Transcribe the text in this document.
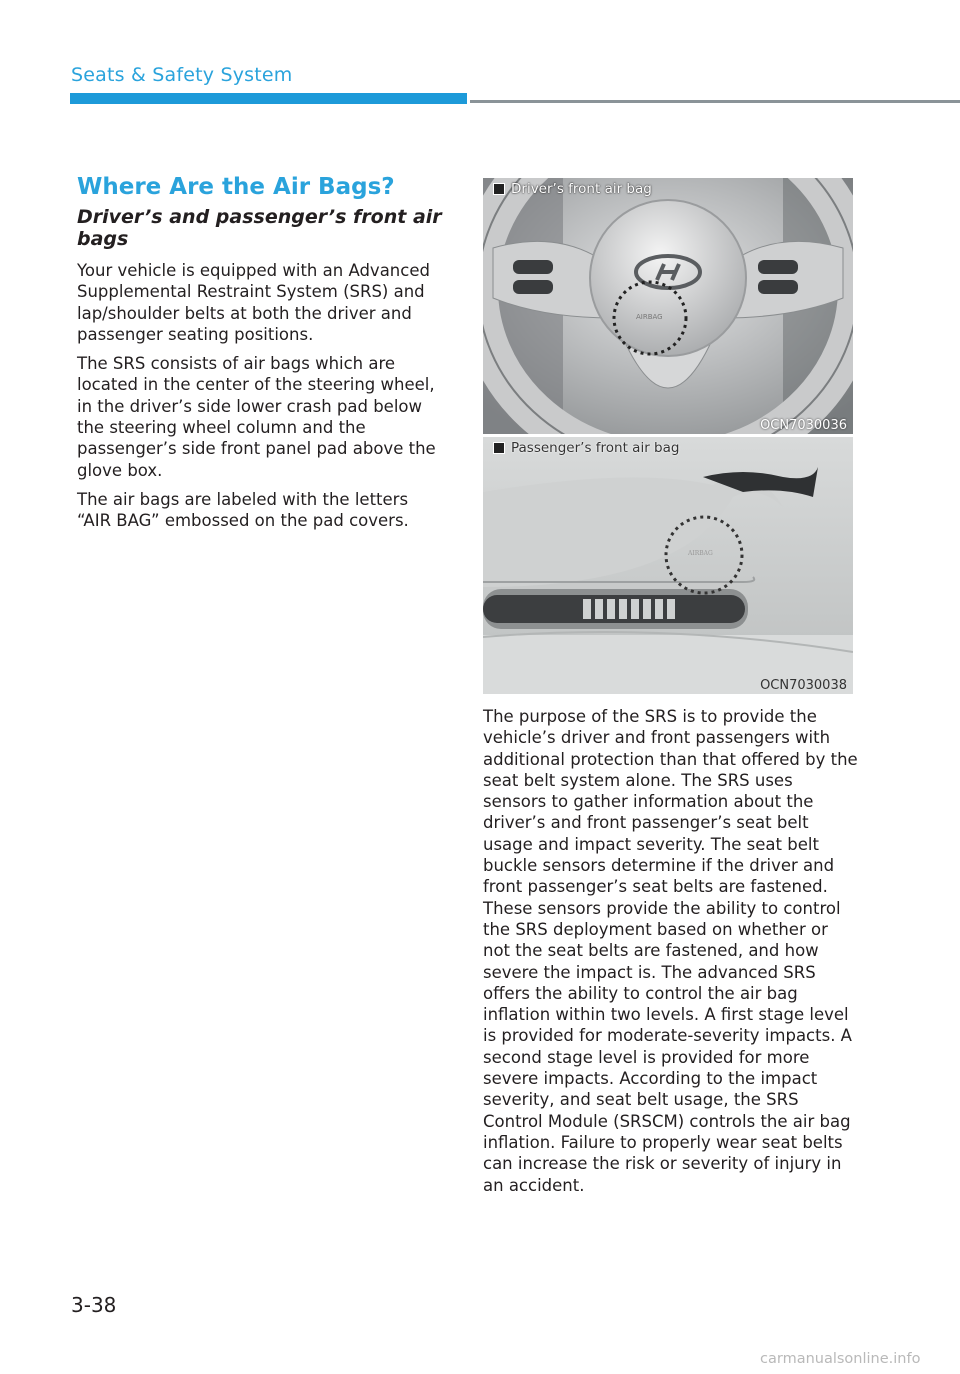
Seats & Safety System
Where Are the Air Bags?
Driver’s and passenger’s front air bags

Your vehicle is equipped with an Advanced Supplemental Restraint System (SRS) and lap/shoulder belts at both the driver and passenger seating positions.

The SRS consists of air bags which are located in the center of the steering wheel, in the driver’s side lower crash pad below the steering wheel column and the passenger’s side front panel pad above the glove box.

The air bags are labeled with the letters “AIR BAG” embossed on the pad covers.

AIRBAG
Driver’s front air bag
OCN7030036
AIRBAG
Passenger’s front air bag
OCN7030038

The purpose of the SRS is to provide the vehicle’s driver and front passengers with additional protection than that offered by the seat belt system alone. The SRS uses sensors to gather information about the driver’s and front passenger’s seat belt usage and impact severity. The seat belt buckle sensors determine if the driver and front passenger’s seat belts are fastened. These sensors provide the ability to control the SRS deployment based on whether or not the seat belts are fastened, and how severe the impact is. The advanced SRS offers the ability to control the air bag inflation within two levels. A first stage level is provided for moderate-severity impacts. A second stage level is provided for more severe impacts. According to the impact severity, and seat belt usage, the SRS Control Module (SRSCM) controls the air bag inflation. Failure to properly wear seat belts can increase the risk or severity of injury in an accident.

3-38
carmanualsonline.info
